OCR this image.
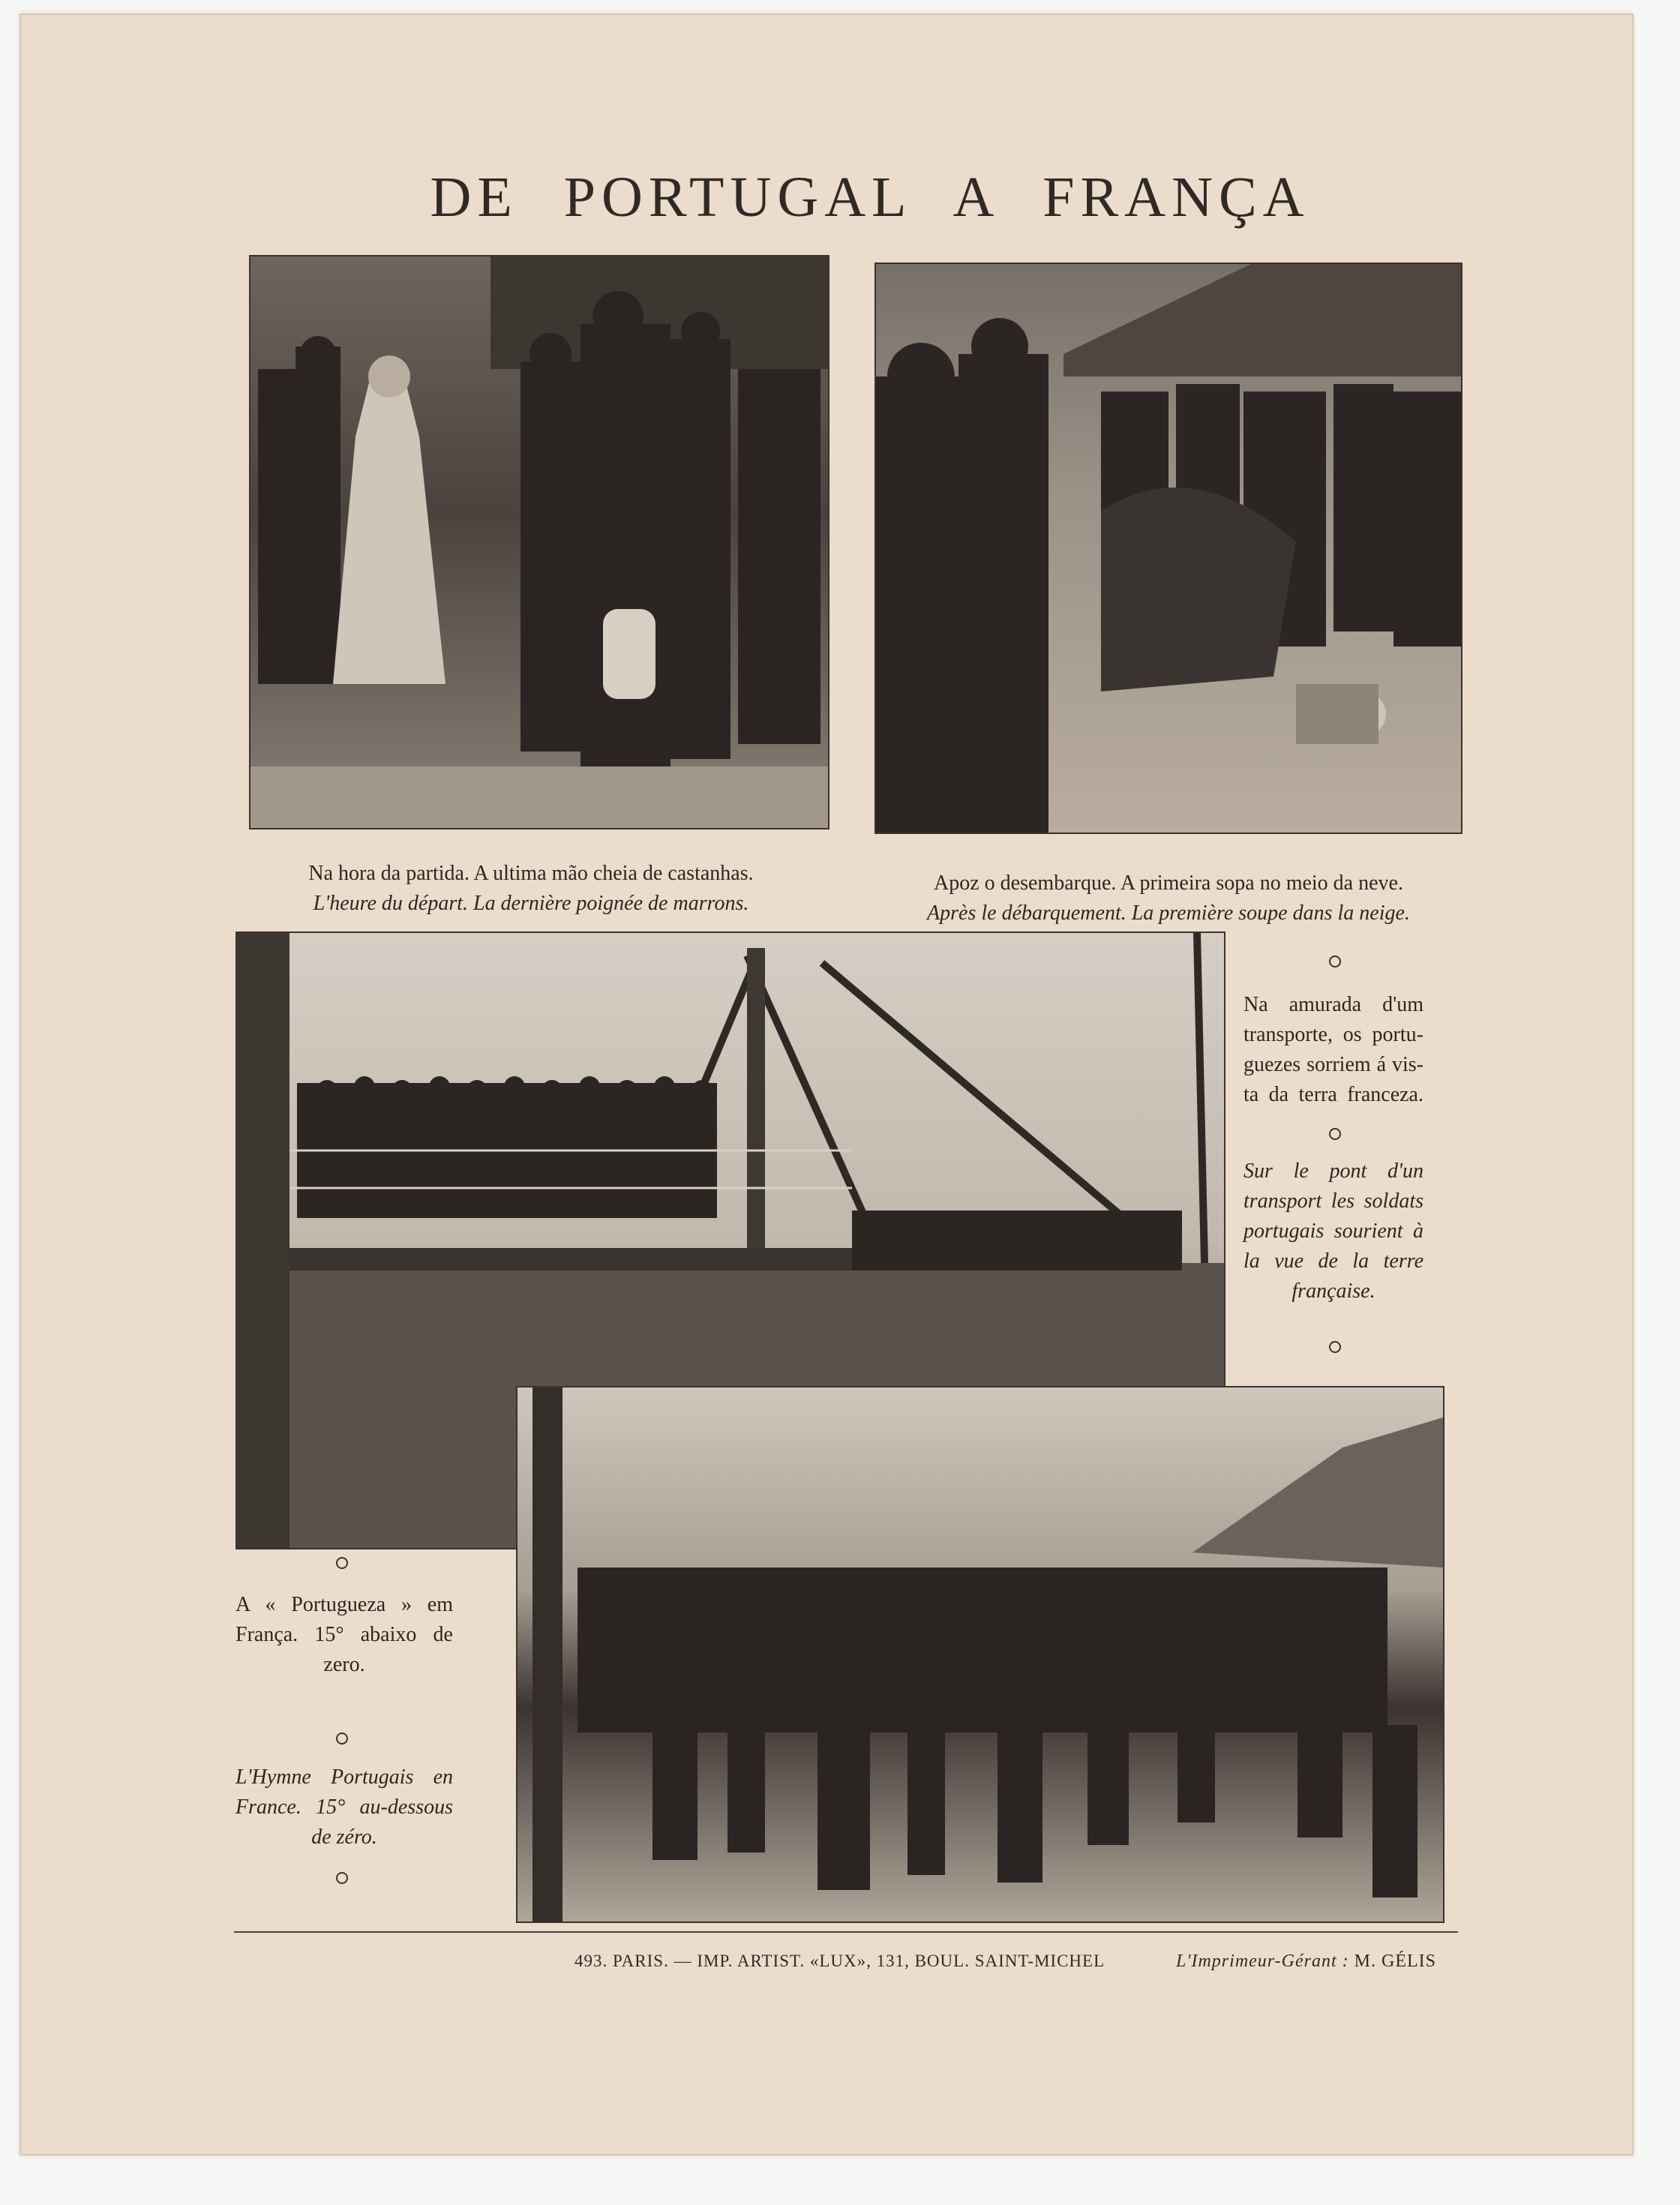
DE PORTUGAL A FRANÇA
Na hora da partida. A ultima mão cheia de castanhas.
L'heure du départ. La dernière poignée de marrons.
Apoz o desembarque. A primeira sopa no meio da neve.
Après le débarquement. La première soupe dans la neige.
Na amurada d'um
transporte, os portu-
guezes sorriem á vis-
ta da terra franceza.
Sur le pont d'un
transport les soldats
portugais sourient à
la vue de la terre
française.
A « Portugueza » em
França. 15° abaixo de
zero.
L'Hymne Portugais en
France. 15° au-dessous
de zéro.
493. PARIS. — IMP. ARTIST. «LUX», 131, BOUL. SAINT-MICHEL	L'Imprimeur-Gérant : M. GÉLIS
